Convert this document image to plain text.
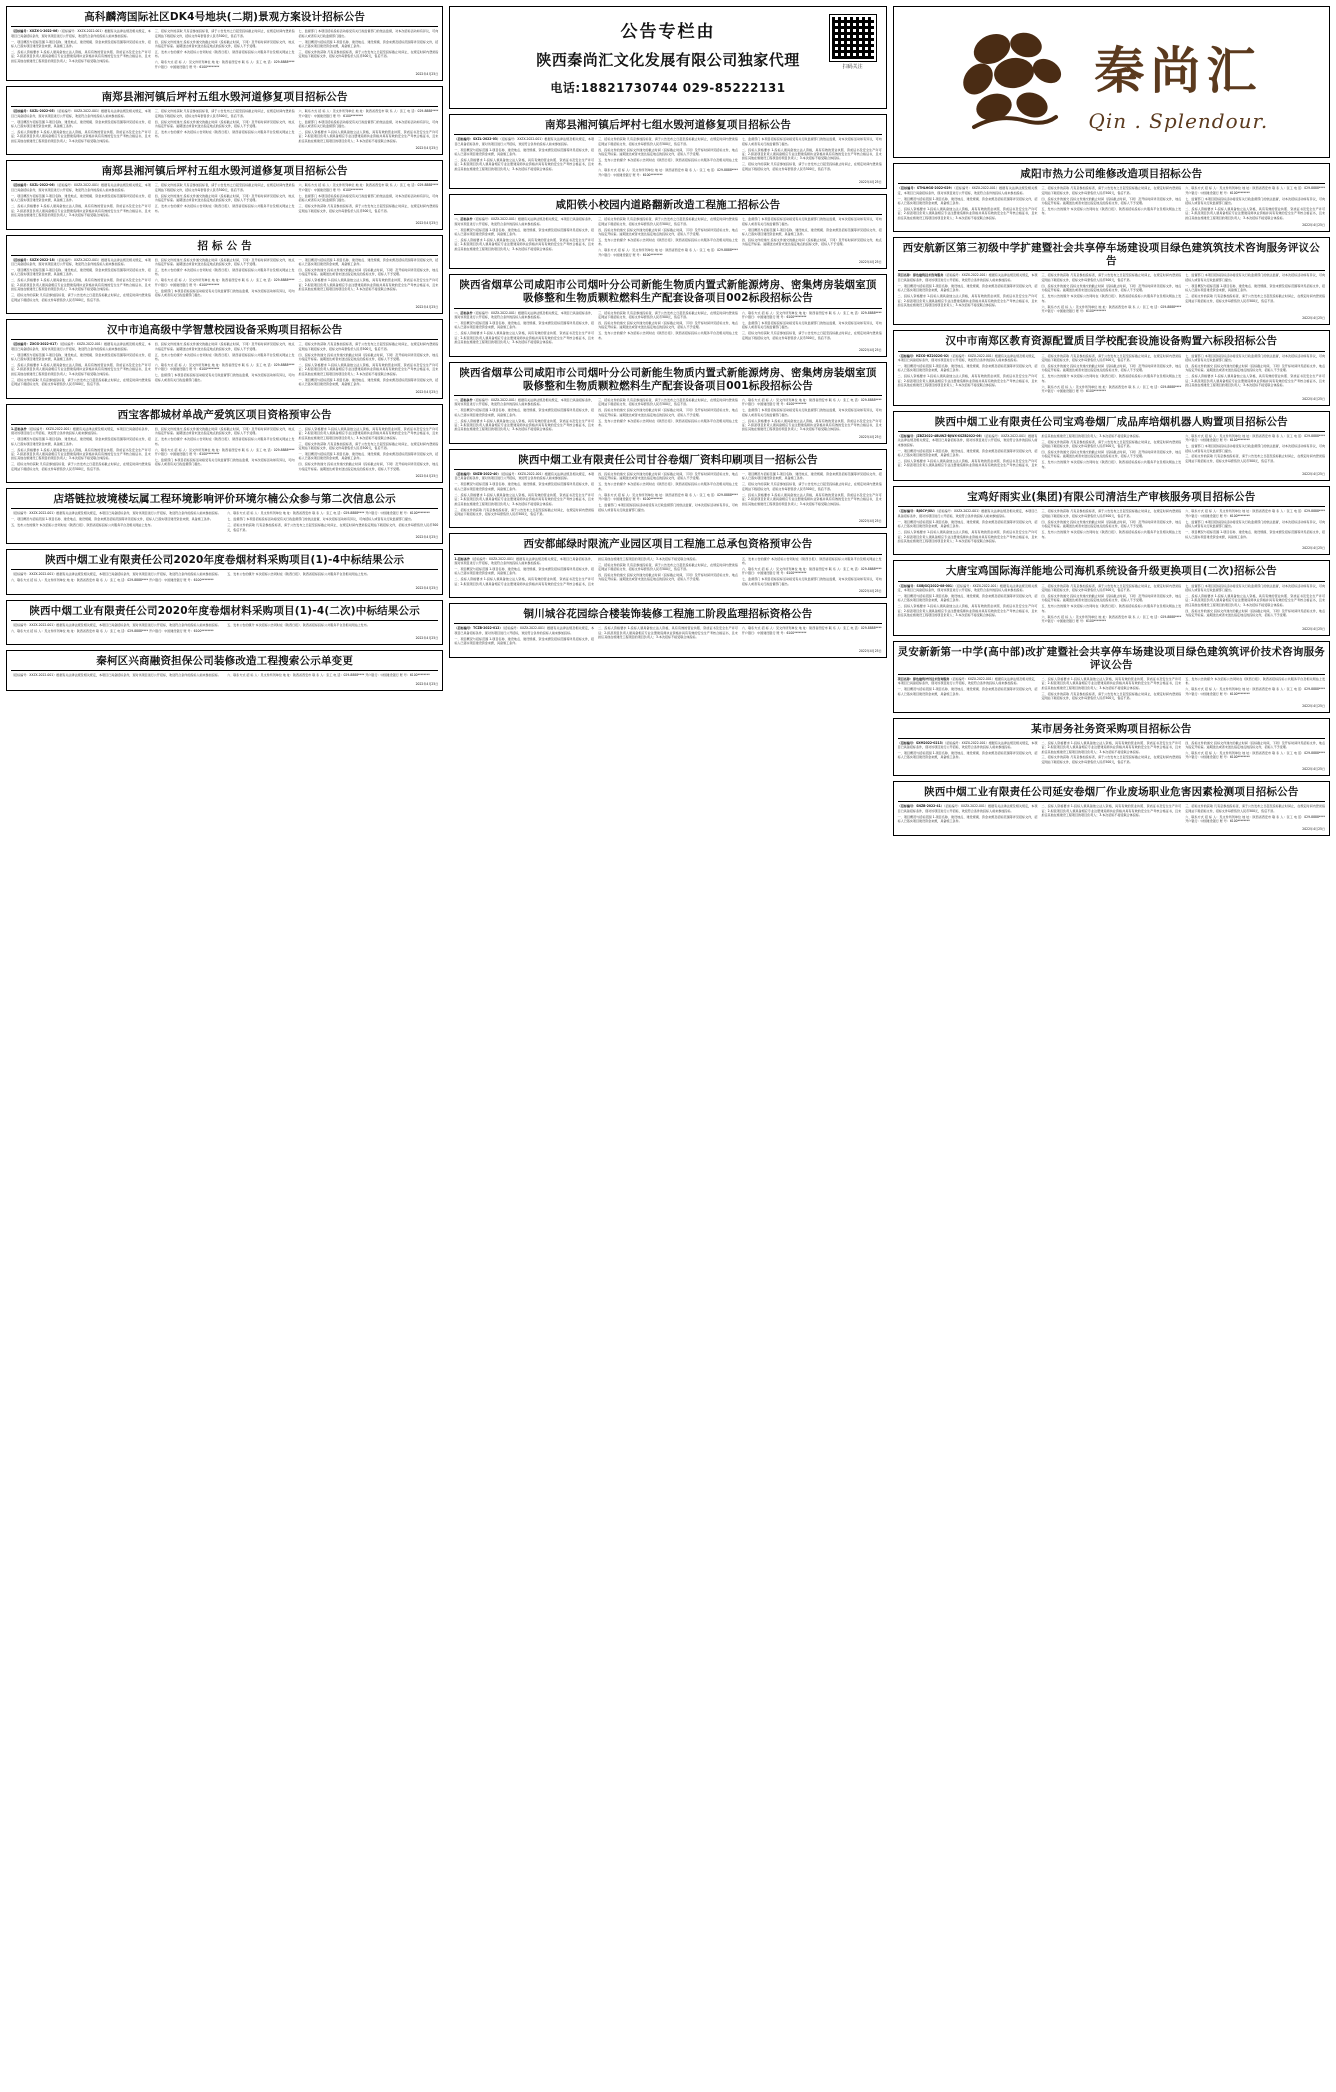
高科麟湾国际社区DK4号地块(二期)景观方案设计招标公告

（招标编号：XXZX-1-2022-06）（招标编号：XXZX-2022-001）根据有关法律法规及相关规定，本项目已具备招标条件，现对该项目进行公开招标，欢迎符合条件的投标人前来参加投标。

一、项目概况与招标范围 1.项目名称、建设地点、建设规模、资金来源及招标范围等详见招标文件，招标人已落实项目建设资金来源，具备施工条件。

二、投标人资格要求 1.投标人须具备独立法人资格，具有有效的营业执照、资质证书及安全生产许可证；2.拟派项目负责人须具备相应专业注册建造师执业资格并具有有效的安全生产考核合格证书，且未担任其他在施建设工程项目的项目负责人；3.本次招标不接受联合体投标。

三、招标文件的获取 凡有意参加投标者，请于公告发布之日起至投标截止时间止，在规定时间内登录指定网站下载招标文件，招标文件每套售价人民币500元，售后不退。

四、投标文件的递交 投标文件递交的截止时间（投标截止时间，下同）及开标时间详见招标文件，地点为指定开标室。逾期送达或者未送达指定地点的投标文件，招标人不予受理。

五、发布公告的媒介 本次招标公告同时在《陕西日报》、陕西省招标投标公共服务平台及相关网站上发布。

六、联系方式 招 标 人：见文件所列单位 地 址：陕西省西安市 联 系 人：张工 电 话：029-8888**** 开户银行：中国建设银行 账 号：6100********

七、监督部门 本项目招标投标活动接受有关行政监督部门的依法监督，对本次招标活动如有异议，可向招标人或者有关行政监督部门提出。

一、项目概况与招标范围 1.项目名称、建设地点、建设规模、资金来源及招标范围等详见招标文件，招标人已落实项目建设资金来源，具备施工条件。

三、招标文件的获取 凡有意参加投标者，请于公告发布之日起至投标截止时间止，在规定时间内登录指定网站下载招标文件，招标文件每套售价人民币500元，售后不退。

2022年4月25日
南郑县湘河镇后坪村五组水毁河道修复项目招标公告

（招标编号：SXZL-2022-05）（招标编号：XXZX-2022-001）根据有关法律法规及相关规定，本项目已具备招标条件，现对该项目进行公开招标，欢迎符合条件的投标人前来参加投标。

一、项目概况与招标范围 1.项目名称、建设地点、建设规模、资金来源及招标范围等详见招标文件，招标人已落实项目建设资金来源，具备施工条件。

二、投标人资格要求 1.投标人须具备独立法人资格，具有有效的营业执照、资质证书及安全生产许可证；2.拟派项目负责人须具备相应专业注册建造师执业资格并具有有效的安全生产考核合格证书，且未担任其他在施建设工程项目的项目负责人；3.本次招标不接受联合体投标。

三、招标文件的获取 凡有意参加投标者，请于公告发布之日起至投标截止时间止，在规定时间内登录指定网站下载招标文件，招标文件每套售价人民币500元，售后不退。

四、投标文件的递交 投标文件递交的截止时间（投标截止时间，下同）及开标时间详见招标文件，地点为指定开标室。逾期送达或者未送达指定地点的投标文件，招标人不予受理。

五、发布公告的媒介 本次招标公告同时在《陕西日报》、陕西省招标投标公共服务平台及相关网站上发布。

六、联系方式 招 标 人：见文件所列单位 地 址：陕西省西安市 联 系 人：张工 电 话：029-8888**** 开户银行：中国建设银行 账 号：6100********

七、监督部门 本项目招标投标活动接受有关行政监督部门的依法监督，对本次招标活动如有异议，可向招标人或者有关行政监督部门提出。

二、投标人资格要求 1.投标人须具备独立法人资格，具有有效的营业执照、资质证书及安全生产许可证；2.拟派项目负责人须具备相应专业注册建造师执业资格并具有有效的安全生产考核合格证书，且未担任其他在施建设工程项目的项目负责人；3.本次招标不接受联合体投标。

2022年4月25日
南郑县湘河镇后坪村五组水毁河道修复项目招标公告

（招标编号：SXZL-2022-06）（招标编号：XXZX-2022-001）根据有关法律法规及相关规定，本项目已具备招标条件，现对该项目进行公开招标，欢迎符合条件的投标人前来参加投标。

一、项目概况与招标范围 1.项目名称、建设地点、建设规模、资金来源及招标范围等详见招标文件，招标人已落实项目建设资金来源，具备施工条件。

二、投标人资格要求 1.投标人须具备独立法人资格，具有有效的营业执照、资质证书及安全生产许可证；2.拟派项目负责人须具备相应专业注册建造师执业资格并具有有效的安全生产考核合格证书，且未担任其他在施建设工程项目的项目负责人；3.本次招标不接受联合体投标。

三、招标文件的获取 凡有意参加投标者，请于公告发布之日起至投标截止时间止，在规定时间内登录指定网站下载招标文件，招标文件每套售价人民币500元，售后不退。

四、投标文件的递交 投标文件递交的截止时间（投标截止时间，下同）及开标时间详见招标文件，地点为指定开标室。逾期送达或者未送达指定地点的投标文件，招标人不予受理。

五、发布公告的媒介 本次招标公告同时在《陕西日报》、陕西省招标投标公共服务平台及相关网站上发布。

六、联系方式 招 标 人：见文件所列单位 地 址：陕西省西安市 联 系 人：张工 电 话：029-8888**** 开户银行：中国建设银行 账 号：6100********

七、监督部门 本项目招标投标活动接受有关行政监督部门的依法监督，对本次招标活动如有异议，可向招标人或者有关行政监督部门提出。

三、招标文件的获取 凡有意参加投标者，请于公告发布之日起至投标截止时间止，在规定时间内登录指定网站下载招标文件，招标文件每套售价人民币500元，售后不退。

2022年4月25日
招 标 公 告

（招标编号：SXZX-2022-18）（招标编号：XXZX-2022-001）根据有关法律法规及相关规定，本项目已具备招标条件，现对该项目进行公开招标，欢迎符合条件的投标人前来参加投标。

一、项目概况与招标范围 1.项目名称、建设地点、建设规模、资金来源及招标范围等详见招标文件，招标人已落实项目建设资金来源，具备施工条件。

二、投标人资格要求 1.投标人须具备独立法人资格，具有有效的营业执照、资质证书及安全生产许可证；2.拟派项目负责人须具备相应专业注册建造师执业资格并具有有效的安全生产考核合格证书，且未担任其他在施建设工程项目的项目负责人；3.本次招标不接受联合体投标。

三、招标文件的获取 凡有意参加投标者，请于公告发布之日起至投标截止时间止，在规定时间内登录指定网站下载招标文件，招标文件每套售价人民币500元，售后不退。

四、投标文件的递交 投标文件递交的截止时间（投标截止时间，下同）及开标时间详见招标文件，地点为指定开标室。逾期送达或者未送达指定地点的投标文件，招标人不予受理。

五、发布公告的媒介 本次招标公告同时在《陕西日报》、陕西省招标投标公共服务平台及相关网站上发布。

六、联系方式 招 标 人：见文件所列单位 地 址：陕西省西安市 联 系 人：张工 电 话：029-8888**** 开户银行：中国建设银行 账 号：6100********

七、监督部门 本项目招标投标活动接受有关行政监督部门的依法监督，对本次招标活动如有异议，可向招标人或者有关行政监督部门提出。

一、项目概况与招标范围 1.项目名称、建设地点、建设规模、资金来源及招标范围等详见招标文件，招标人已落实项目建设资金来源，具备施工条件。

四、投标文件的递交 投标文件递交的截止时间（投标截止时间，下同）及开标时间详见招标文件，地点为指定开标室。逾期送达或者未送达指定地点的投标文件，招标人不予受理。

二、投标人资格要求 1.投标人须具备独立法人资格，具有有效的营业执照、资质证书及安全生产许可证；2.拟派项目负责人须具备相应专业注册建造师执业资格并具有有效的安全生产考核合格证书，且未担任其他在施建设工程项目的项目负责人；3.本次招标不接受联合体投标。

2022年4月25日
汉中市追高级中学智慧校园设备采购项目招标公告

（招标编号：ZXCG-2022-017）（招标编号：XXZX-2022-001）根据有关法律法规及相关规定，本项目已具备招标条件，现对该项目进行公开招标，欢迎符合条件的投标人前来参加投标。

一、项目概况与招标范围 1.项目名称、建设地点、建设规模、资金来源及招标范围等详见招标文件，招标人已落实项目建设资金来源，具备施工条件。

二、投标人资格要求 1.投标人须具备独立法人资格，具有有效的营业执照、资质证书及安全生产许可证；2.拟派项目负责人须具备相应专业注册建造师执业资格并具有有效的安全生产考核合格证书，且未担任其他在施建设工程项目的项目负责人；3.本次招标不接受联合体投标。

三、招标文件的获取 凡有意参加投标者，请于公告发布之日起至投标截止时间止，在规定时间内登录指定网站下载招标文件，招标文件每套售价人民币500元，售后不退。

四、投标文件的递交 投标文件递交的截止时间（投标截止时间，下同）及开标时间详见招标文件，地点为指定开标室。逾期送达或者未送达指定地点的投标文件，招标人不予受理。

五、发布公告的媒介 本次招标公告同时在《陕西日报》、陕西省招标投标公共服务平台及相关网站上发布。

六、联系方式 招 标 人：见文件所列单位 地 址：陕西省西安市 联 系 人：张工 电 话：029-8888**** 开户银行：中国建设银行 账 号：6100********

七、监督部门 本项目招标投标活动接受有关行政监督部门的依法监督，对本次招标活动如有异议，可向招标人或者有关行政监督部门提出。

三、招标文件的获取 凡有意参加投标者，请于公告发布之日起至投标截止时间止，在规定时间内登录指定网站下载招标文件，招标文件每套售价人民币500元，售后不退。

四、投标文件的递交 投标文件递交的截止时间（投标截止时间，下同）及开标时间详见招标文件，地点为指定开标室。逾期送达或者未送达指定地点的投标文件，招标人不予受理。

二、投标人资格要求 1.投标人须具备独立法人资格，具有有效的营业执照、资质证书及安全生产许可证；2.拟派项目负责人须具备相应专业注册建造师执业资格并具有有效的安全生产考核合格证书，且未担任其他在施建设工程项目的项目负责人；3.本次招标不接受联合体投标。

一、项目概况与招标范围 1.项目名称、建设地点、建设规模、资金来源及招标范围等详见招标文件，招标人已落实项目建设资金来源，具备施工条件。

2022年4月25日
西宝客都城材单战产爱筑区项目资格预审公告

1.招标条件（招标编号：XXZX-2022-001）根据有关法律法规及相关规定，本项目已具备招标条件，现对该项目进行公开招标，欢迎符合条件的投标人前来参加投标。

一、项目概况与招标范围 1.项目名称、建设地点、建设规模、资金来源及招标范围等详见招标文件，招标人已落实项目建设资金来源，具备施工条件。

二、投标人资格要求 1.投标人须具备独立法人资格，具有有效的营业执照、资质证书及安全生产许可证；2.拟派项目负责人须具备相应专业注册建造师执业资格并具有有效的安全生产考核合格证书，且未担任其他在施建设工程项目的项目负责人；3.本次招标不接受联合体投标。

三、招标文件的获取 凡有意参加投标者，请于公告发布之日起至投标截止时间止，在规定时间内登录指定网站下载招标文件，招标文件每套售价人民币500元，售后不退。

四、投标文件的递交 投标文件递交的截止时间（投标截止时间，下同）及开标时间详见招标文件，地点为指定开标室。逾期送达或者未送达指定地点的投标文件，招标人不予受理。

五、发布公告的媒介 本次招标公告同时在《陕西日报》、陕西省招标投标公共服务平台及相关网站上发布。

六、联系方式 招 标 人：见文件所列单位 地 址：陕西省西安市 联 系 人：张工 电 话：029-8888**** 开户银行：中国建设银行 账 号：6100********

七、监督部门 本项目招标投标活动接受有关行政监督部门的依法监督，对本次招标活动如有异议，可向招标人或者有关行政监督部门提出。

二、投标人资格要求 1.投标人须具备独立法人资格，具有有效的营业执照、资质证书及安全生产许可证；2.拟派项目负责人须具备相应专业注册建造师执业资格并具有有效的安全生产考核合格证书，且未担任其他在施建设工程项目的项目负责人；3.本次招标不接受联合体投标。

三、招标文件的获取 凡有意参加投标者，请于公告发布之日起至投标截止时间止，在规定时间内登录指定网站下载招标文件，招标文件每套售价人民币500元，售后不退。

一、项目概况与招标范围 1.项目名称、建设地点、建设规模、资金来源及招标范围等详见招标文件，招标人已落实项目建设资金来源，具备施工条件。

四、投标文件的递交 投标文件递交的截止时间（投标截止时间，下同）及开标时间详见招标文件，地点为指定开标室。逾期送达或者未送达指定地点的投标文件，招标人不予受理。

2022年4月25日
店塔链拉坡境楼坛属工程环境影响评价环境尔楠公众参与第二次信息公示

（招标编号：XXZX-2022-001）根据有关法律法规及相关规定，本项目已具备招标条件，现对该项目进行公开招标，欢迎符合条件的投标人前来参加投标。

一、项目概况与招标范围 1.项目名称、建设地点、建设规模、资金来源及招标范围等详见招标文件，招标人已落实项目建设资金来源，具备施工条件。

五、发布公告的媒介 本次招标公告同时在《陕西日报》、陕西省招标投标公共服务平台及相关网站上发布。

六、联系方式 招 标 人：见文件所列单位 地 址：陕西省西安市 联 系 人：张工 电 话：029-8888**** 开户银行：中国建设银行 账 号：6100********

七、监督部门 本项目招标投标活动接受有关行政监督部门的依法监督，对本次招标活动如有异议，可向招标人或者有关行政监督部门提出。

三、招标文件的获取 凡有意参加投标者，请于公告发布之日起至投标截止时间止，在规定时间内登录指定网站下载招标文件，招标文件每套售价人民币500元，售后不退。

2022年4月25日
陕西中烟工业有限责任公司2020年度卷烟材料采购项目(1)-4中标结果公示

（招标编号：XXZX-2022-001）根据有关法律法规及相关规定，本项目已具备招标条件，现对该项目进行公开招标，欢迎符合条件的投标人前来参加投标。

六、联系方式 招 标 人：见文件所列单位 地 址：陕西省西安市 联 系 人：张工 电 话：029-8888**** 开户银行：中国建设银行 账 号：6100********

五、发布公告的媒介 本次招标公告同时在《陕西日报》、陕西省招标投标公共服务平台及相关网站上发布。

2022年4月25日
陕西中烟工业有限责任公司2020年度卷烟材料采购项目(1)-4(二次)中标结果公示

（招标编号：XXZX-2022-001）根据有关法律法规及相关规定，本项目已具备招标条件，现对该项目进行公开招标，欢迎符合条件的投标人前来参加投标。

六、联系方式 招 标 人：见文件所列单位 地 址：陕西省西安市 联 系 人：张工 电 话：029-8888**** 开户银行：中国建设银行 账 号：6100********

五、发布公告的媒介 本次招标公告同时在《陕西日报》、陕西省招标投标公共服务平台及相关网站上发布。

2022年4月25日
秦柯区兴商融资担保公司装修改造工程搜索公示单变更

（招标编号：XXZX-2022-001）根据有关法律法规及相关规定，本项目已具备招标条件，现对该项目进行公开招标，欢迎符合条件的投标人前来参加投标。	六、联系方式 招 标 人：见文件所列单位 地 址：陕西省西安市 联 系 人：张工 电 话：029-8888**** 开户银行：中国建设银行 账 号：6100********

2022年4月25日
扫码关注
公告专栏由
陕西秦尚汇文化发展有限公司独家代理
电话:18821730744 029-85222131
南郑县湘河镇后坪村七组水毁河道修复项目招标公告

（招标编号：SXZL-2022-03）（招标编号：XXZX-2022-001）根据有关法律法规及相关规定，本项目已具备招标条件，现对该项目进行公开招标，欢迎符合条件的投标人前来参加投标。

一、项目概况与招标范围 1.项目名称、建设地点、建设规模、资金来源及招标范围等详见招标文件，招标人已落实项目建设资金来源，具备施工条件。

二、投标人资格要求 1.投标人须具备独立法人资格，具有有效的营业执照、资质证书及安全生产许可证；2.拟派项目负责人须具备相应专业注册建造师执业资格并具有有效的安全生产考核合格证书，且未担任其他在施建设工程项目的项目负责人；3.本次招标不接受联合体投标。

三、招标文件的获取 凡有意参加投标者，请于公告发布之日起至投标截止时间止，在规定时间内登录指定网站下载招标文件，招标文件每套售价人民币500元，售后不退。

四、投标文件的递交 投标文件递交的截止时间（投标截止时间，下同）及开标时间详见招标文件，地点为指定开标室。逾期送达或者未送达指定地点的投标文件，招标人不予受理。

五、发布公告的媒介 本次招标公告同时在《陕西日报》、陕西省招标投标公共服务平台及相关网站上发布。

六、联系方式 招 标 人：见文件所列单位 地 址：陕西省西安市 联 系 人：张工 电 话：029-8888**** 开户银行：中国建设银行 账 号：6100********

七、监督部门 本项目招标投标活动接受有关行政监督部门的依法监督，对本次招标活动如有异议，可向招标人或者有关行政监督部门提出。

二、投标人资格要求 1.投标人须具备独立法人资格，具有有效的营业执照、资质证书及安全生产许可证；2.拟派项目负责人须具备相应专业注册建造师执业资格并具有有效的安全生产考核合格证书，且未担任其他在施建设工程项目的项目负责人；3.本次招标不接受联合体投标。

三、招标文件的获取 凡有意参加投标者，请于公告发布之日起至投标截止时间止，在规定时间内登录指定网站下载招标文件，招标文件每套售价人民币500元，售后不退。

2022年4月25日
咸阳铁小校园内道路翻新改造工程施工招标公告

一、招标条件（招标编号：XXZX-2022-001）根据有关法律法规及相关规定，本项目已具备招标条件，现对该项目进行公开招标，欢迎符合条件的投标人前来参加投标。

一、项目概况与招标范围 1.项目名称、建设地点、建设规模、资金来源及招标范围等详见招标文件，招标人已落实项目建设资金来源，具备施工条件。

二、投标人资格要求 1.投标人须具备独立法人资格，具有有效的营业执照、资质证书及安全生产许可证；2.拟派项目负责人须具备相应专业注册建造师执业资格并具有有效的安全生产考核合格证书，且未担任其他在施建设工程项目的项目负责人；3.本次招标不接受联合体投标。

三、招标文件的获取 凡有意参加投标者，请于公告发布之日起至投标截止时间止，在规定时间内登录指定网站下载招标文件，招标文件每套售价人民币500元，售后不退。

四、投标文件的递交 投标文件递交的截止时间（投标截止时间，下同）及开标时间详见招标文件，地点为指定开标室。逾期送达或者未送达指定地点的投标文件，招标人不予受理。

五、发布公告的媒介 本次招标公告同时在《陕西日报》、陕西省招标投标公共服务平台及相关网站上发布。

六、联系方式 招 标 人：见文件所列单位 地 址：陕西省西安市 联 系 人：张工 电 话：029-8888**** 开户银行：中国建设银行 账 号：6100********

七、监督部门 本项目招标投标活动接受有关行政监督部门的依法监督，对本次招标活动如有异议，可向招标人或者有关行政监督部门提出。

一、项目概况与招标范围 1.项目名称、建设地点、建设规模、资金来源及招标范围等详见招标文件，招标人已落实项目建设资金来源，具备施工条件。

四、投标文件的递交 投标文件递交的截止时间（投标截止时间，下同）及开标时间详见招标文件，地点为指定开标室。逾期送达或者未送达指定地点的投标文件，招标人不予受理。

2022年4月25日
陕西省烟草公司咸阳市公司烟叶分公司新能生物质内置式新能源烤房、密集烤房装烟室顶吸修整和生物质颗粒燃料生产配套设备项目002标段招标公告

一、招标条件（招标编号：XXZX-2022-001）根据有关法律法规及相关规定，本项目已具备招标条件，现对该项目进行公开招标，欢迎符合条件的投标人前来参加投标。

一、项目概况与招标范围 1.项目名称、建设地点、建设规模、资金来源及招标范围等详见招标文件，招标人已落实项目建设资金来源，具备施工条件。

二、投标人资格要求 1.投标人须具备独立法人资格，具有有效的营业执照、资质证书及安全生产许可证；2.拟派项目负责人须具备相应专业注册建造师执业资格并具有有效的安全生产考核合格证书，且未担任其他在施建设工程项目的项目负责人；3.本次招标不接受联合体投标。

三、招标文件的获取 凡有意参加投标者，请于公告发布之日起至投标截止时间止，在规定时间内登录指定网站下载招标文件，招标文件每套售价人民币500元，售后不退。

四、投标文件的递交 投标文件递交的截止时间（投标截止时间，下同）及开标时间详见招标文件，地点为指定开标室。逾期送达或者未送达指定地点的投标文件，招标人不予受理。

五、发布公告的媒介 本次招标公告同时在《陕西日报》、陕西省招标投标公共服务平台及相关网站上发布。

六、联系方式 招 标 人：见文件所列单位 地 址：陕西省西安市 联 系 人：张工 电 话：029-8888**** 开户银行：中国建设银行 账 号：6100********

七、监督部门 本项目招标投标活动接受有关行政监督部门的依法监督，对本次招标活动如有异议，可向招标人或者有关行政监督部门提出。

三、招标文件的获取 凡有意参加投标者，请于公告发布之日起至投标截止时间止，在规定时间内登录指定网站下载招标文件，招标文件每套售价人民币500元，售后不退。

2022年4月25日
陕西省烟草公司咸阳市公司烟叶分公司新能生物质内置式新能源烤房、密集烤房装烟室顶吸修整和生物质颗粒燃料生产配套设备项目001标段招标公告

一、招标条件（招标编号：XXZX-2022-001）根据有关法律法规及相关规定，本项目已具备招标条件，现对该项目进行公开招标，欢迎符合条件的投标人前来参加投标。

一、项目概况与招标范围 1.项目名称、建设地点、建设规模、资金来源及招标范围等详见招标文件，招标人已落实项目建设资金来源，具备施工条件。

二、投标人资格要求 1.投标人须具备独立法人资格，具有有效的营业执照、资质证书及安全生产许可证；2.拟派项目负责人须具备相应专业注册建造师执业资格并具有有效的安全生产考核合格证书，且未担任其他在施建设工程项目的项目负责人；3.本次招标不接受联合体投标。

三、招标文件的获取 凡有意参加投标者，请于公告发布之日起至投标截止时间止，在规定时间内登录指定网站下载招标文件，招标文件每套售价人民币500元，售后不退。

四、投标文件的递交 投标文件递交的截止时间（投标截止时间，下同）及开标时间详见招标文件，地点为指定开标室。逾期送达或者未送达指定地点的投标文件，招标人不予受理。

五、发布公告的媒介 本次招标公告同时在《陕西日报》、陕西省招标投标公共服务平台及相关网站上发布。

六、联系方式 招 标 人：见文件所列单位 地 址：陕西省西安市 联 系 人：张工 电 话：029-8888**** 开户银行：中国建设银行 账 号：6100********

七、监督部门 本项目招标投标活动接受有关行政监督部门的依法监督，对本次招标活动如有异议，可向招标人或者有关行政监督部门提出。

二、投标人资格要求 1.投标人须具备独立法人资格，具有有效的营业执照、资质证书及安全生产许可证；2.拟派项目负责人须具备相应专业注册建造师执业资格并具有有效的安全生产考核合格证书，且未担任其他在施建设工程项目的项目负责人；3.本次招标不接受联合体投标。

2022年4月25日
陕西中烟工业有限责任公司甘谷卷烟厂资料印刷项目一招标公告

（招标编号：SNZB-2022-40）（招标编号：XXZX-2022-001）根据有关法律法规及相关规定，本项目已具备招标条件，现对该项目进行公开招标，欢迎符合条件的投标人前来参加投标。

一、项目概况与招标范围 1.项目名称、建设地点、建设规模、资金来源及招标范围等详见招标文件，招标人已落实项目建设资金来源，具备施工条件。

二、投标人资格要求 1.投标人须具备独立法人资格，具有有效的营业执照、资质证书及安全生产许可证；2.拟派项目负责人须具备相应专业注册建造师执业资格并具有有效的安全生产考核合格证书，且未担任其他在施建设工程项目的项目负责人；3.本次招标不接受联合体投标。

三、招标文件的获取 凡有意参加投标者，请于公告发布之日起至投标截止时间止，在规定时间内登录指定网站下载招标文件，招标文件每套售价人民币500元，售后不退。

四、投标文件的递交 投标文件递交的截止时间（投标截止时间，下同）及开标时间详见招标文件，地点为指定开标室。逾期送达或者未送达指定地点的投标文件，招标人不予受理。

五、发布公告的媒介 本次招标公告同时在《陕西日报》、陕西省招标投标公共服务平台及相关网站上发布。

六、联系方式 招 标 人：见文件所列单位 地 址：陕西省西安市 联 系 人：张工 电 话：029-8888**** 开户银行：中国建设银行 账 号：6100********

七、监督部门 本项目招标投标活动接受有关行政监督部门的依法监督，对本次招标活动如有异议，可向招标人或者有关行政监督部门提出。

一、项目概况与招标范围 1.项目名称、建设地点、建设规模、资金来源及招标范围等详见招标文件，招标人已落实项目建设资金来源，具备施工条件。

三、招标文件的获取 凡有意参加投标者，请于公告发布之日起至投标截止时间止，在规定时间内登录指定网站下载招标文件，招标文件每套售价人民币500元，售后不退。

二、投标人资格要求 1.投标人须具备独立法人资格，具有有效的营业执照、资质证书及安全生产许可证；2.拟派项目负责人须具备相应专业注册建造师执业资格并具有有效的安全生产考核合格证书，且未担任其他在施建设工程项目的项目负责人；3.本次招标不接受联合体投标。

2022年4月25日
西安都邮绿时限流产业园区项目工程施工总承包资格预审公告

1.招标条件（招标编号：XXZX-2022-001）根据有关法律法规及相关规定，本项目已具备招标条件，现对该项目进行公开招标，欢迎符合条件的投标人前来参加投标。

一、项目概况与招标范围 1.项目名称、建设地点、建设规模、资金来源及招标范围等详见招标文件，招标人已落实项目建设资金来源，具备施工条件。

二、投标人资格要求 1.投标人须具备独立法人资格，具有有效的营业执照、资质证书及安全生产许可证；2.拟派项目负责人须具备相应专业注册建造师执业资格并具有有效的安全生产考核合格证书，且未担任其他在施建设工程项目的项目负责人；3.本次招标不接受联合体投标。

三、招标文件的获取 凡有意参加投标者，请于公告发布之日起至投标截止时间止，在规定时间内登录指定网站下载招标文件，招标文件每套售价人民币500元，售后不退。

四、投标文件的递交 投标文件递交的截止时间（投标截止时间，下同）及开标时间详见招标文件，地点为指定开标室。逾期送达或者未送达指定地点的投标文件，招标人不予受理。

五、发布公告的媒介 本次招标公告同时在《陕西日报》、陕西省招标投标公共服务平台及相关网站上发布。

六、联系方式 招 标 人：见文件所列单位 地 址：陕西省西安市 联 系 人：张工 电 话：029-8888**** 开户银行：中国建设银行 账 号：6100********

七、监督部门 本项目招标投标活动接受有关行政监督部门的依法监督，对本次招标活动如有异议，可向招标人或者有关行政监督部门提出。

2022年4月25日
铜川城谷花园综合楼装饰装修工程施工阶段监理招标资格公告

（招标编号：TCZB-2022-012）（招标编号：XXZX-2022-001）根据有关法律法规及相关规定，本项目已具备招标条件，现对该项目进行公开招标，欢迎符合条件的投标人前来参加投标。

一、项目概况与招标范围 1.项目名称、建设地点、建设规模、资金来源及招标范围等详见招标文件，招标人已落实项目建设资金来源，具备施工条件。

二、投标人资格要求 1.投标人须具备独立法人资格，具有有效的营业执照、资质证书及安全生产许可证；2.拟派项目负责人须具备相应专业注册建造师执业资格并具有有效的安全生产考核合格证书，且未担任其他在施建设工程项目的项目负责人；3.本次招标不接受联合体投标。

六、联系方式 招 标 人：见文件所列单位 地 址：陕西省西安市 联 系 人：张工 电 话：029-8888**** 开户银行：中国建设银行 账 号：6100********

2022年4月25日
秦尚汇
Qin . Splendour.
咸阳市热力公司维修改造项目招标公告

（招标编号：STHLHGG-2022-029）（招标编号：XXZX-2022-001）根据有关法律法规及相关规定，本项目已具备招标条件，现对该项目进行公开招标，欢迎符合条件的投标人前来参加投标。

一、项目概况与招标范围 1.项目名称、建设地点、建设规模、资金来源及招标范围等详见招标文件，招标人已落实项目建设资金来源，具备施工条件。

二、投标人资格要求 1.投标人须具备独立法人资格，具有有效的营业执照、资质证书及安全生产许可证；2.拟派项目负责人须具备相应专业注册建造师执业资格并具有有效的安全生产考核合格证书，且未担任其他在施建设工程项目的项目负责人；3.本次招标不接受联合体投标。

三、招标文件的获取 凡有意参加投标者，请于公告发布之日起至投标截止时间止，在规定时间内登录指定网站下载招标文件，招标文件每套售价人民币500元，售后不退。

四、投标文件的递交 投标文件递交的截止时间（投标截止时间，下同）及开标时间详见招标文件，地点为指定开标室。逾期送达或者未送达指定地点的投标文件，招标人不予受理。

五、发布公告的媒介 本次招标公告同时在《陕西日报》、陕西省招标投标公共服务平台及相关网站上发布。

六、联系方式 招 标 人：见文件所列单位 地 址：陕西省西安市 联 系 人：张工 电 话：029-8888**** 开户银行：中国建设银行 账 号：6100********

七、监督部门 本项目招标投标活动接受有关行政监督部门的依法监督，对本次招标活动如有异议，可向招标人或者有关行政监督部门提出。

二、投标人资格要求 1.投标人须具备独立法人资格，具有有效的营业执照、资质证书及安全生产许可证；2.拟派项目负责人须具备相应专业注册建造师执业资格并具有有效的安全生产考核合格证书，且未担任其他在施建设工程项目的项目负责人；3.本次招标不接受联合体投标。

2022年4月25日
西安航新区第三初级中学扩建暨社会共享停车场建设项目绿色建筑筑技术咨询服务评议公告

项目名称：绿色建筑技术咨询服务（招标编号：XXZX-2022-001）根据有关法律法规及相关规定，本项目已具备招标条件，现对该项目进行公开招标，欢迎符合条件的投标人前来参加投标。

一、项目概况与招标范围 1.项目名称、建设地点、建设规模、资金来源及招标范围等详见招标文件，招标人已落实项目建设资金来源，具备施工条件。

二、投标人资格要求 1.投标人须具备独立法人资格，具有有效的营业执照、资质证书及安全生产许可证；2.拟派项目负责人须具备相应专业注册建造师执业资格并具有有效的安全生产考核合格证书，且未担任其他在施建设工程项目的项目负责人；3.本次招标不接受联合体投标。

三、招标文件的获取 凡有意参加投标者，请于公告发布之日起至投标截止时间止，在规定时间内登录指定网站下载招标文件，招标文件每套售价人民币500元，售后不退。

四、投标文件的递交 投标文件递交的截止时间（投标截止时间，下同）及开标时间详见招标文件，地点为指定开标室。逾期送达或者未送达指定地点的投标文件，招标人不予受理。

五、发布公告的媒介 本次招标公告同时在《陕西日报》、陕西省招标投标公共服务平台及相关网站上发布。

六、联系方式 招 标 人：见文件所列单位 地 址：陕西省西安市 联 系 人：张工 电 话：029-8888**** 开户银行：中国建设银行 账 号：6100********

七、监督部门 本项目招标投标活动接受有关行政监督部门的依法监督，对本次招标活动如有异议，可向招标人或者有关行政监督部门提出。

一、项目概况与招标范围 1.项目名称、建设地点、建设规模、资金来源及招标范围等详见招标文件，招标人已落实项目建设资金来源，具备施工条件。

三、招标文件的获取 凡有意参加投标者，请于公告发布之日起至投标截止时间止，在规定时间内登录指定网站下载招标文件，招标文件每套售价人民币500元，售后不退。

2022年4月25日
汉中市南郑区教育资源配置质目学校配套设施设备购置六标段招标公告

（招标编号：HZCG-HZ2022G-02）（招标编号：XXZX-2022-001）根据有关法律法规及相关规定，本项目已具备招标条件，现对该项目进行公开招标，欢迎符合条件的投标人前来参加投标。

一、项目概况与招标范围 1.项目名称、建设地点、建设规模、资金来源及招标范围等详见招标文件，招标人已落实项目建设资金来源，具备施工条件。

二、投标人资格要求 1.投标人须具备独立法人资格，具有有效的营业执照、资质证书及安全生产许可证；2.拟派项目负责人须具备相应专业注册建造师执业资格并具有有效的安全生产考核合格证书，且未担任其他在施建设工程项目的项目负责人；3.本次招标不接受联合体投标。

三、招标文件的获取 凡有意参加投标者，请于公告发布之日起至投标截止时间止，在规定时间内登录指定网站下载招标文件，招标文件每套售价人民币500元，售后不退。

四、投标文件的递交 投标文件递交的截止时间（投标截止时间，下同）及开标时间详见招标文件，地点为指定开标室。逾期送达或者未送达指定地点的投标文件，招标人不予受理。

五、发布公告的媒介 本次招标公告同时在《陕西日报》、陕西省招标投标公共服务平台及相关网站上发布。

六、联系方式 招 标 人：见文件所列单位 地 址：陕西省西安市 联 系 人：张工 电 话：029-8888**** 开户银行：中国建设银行 账 号：6100********

七、监督部门 本项目招标投标活动接受有关行政监督部门的依法监督，对本次招标活动如有异议，可向招标人或者有关行政监督部门提出。

四、投标文件的递交 投标文件递交的截止时间（投标截止时间，下同）及开标时间详见招标文件，地点为指定开标室。逾期送达或者未送达指定地点的投标文件，招标人不予受理。

二、投标人资格要求 1.投标人须具备独立法人资格，具有有效的营业执照、资质证书及安全生产许可证；2.拟派项目负责人须具备相应专业注册建造师执业资格并具有有效的安全生产考核合格证书，且未担任其他在施建设工程项目的项目负责人；3.本次招标不接受联合体投标。

2022年4月25日
陕西中烟工业有限责任公司宝鸡卷烟厂成品库培烟机器人购置项目招标公告

（招标编号：JZBZ2022-4BUWZ-BJWX-XSZB2022-06）（招标编号：XXZX-2022-001）根据有关法律法规及相关规定，本项目已具备招标条件，现对该项目进行公开招标，欢迎符合条件的投标人前来参加投标。

一、项目概况与招标范围 1.项目名称、建设地点、建设规模、资金来源及招标范围等详见招标文件，招标人已落实项目建设资金来源，具备施工条件。

二、投标人资格要求 1.投标人须具备独立法人资格，具有有效的营业执照、资质证书及安全生产许可证；2.拟派项目负责人须具备相应专业注册建造师执业资格并具有有效的安全生产考核合格证书，且未担任其他在施建设工程项目的项目负责人；3.本次招标不接受联合体投标。

三、招标文件的获取 凡有意参加投标者，请于公告发布之日起至投标截止时间止，在规定时间内登录指定网站下载招标文件，招标文件每套售价人民币500元，售后不退。

四、投标文件的递交 投标文件递交的截止时间（投标截止时间，下同）及开标时间详见招标文件，地点为指定开标室。逾期送达或者未送达指定地点的投标文件，招标人不予受理。

五、发布公告的媒介 本次招标公告同时在《陕西日报》、陕西省招标投标公共服务平台及相关网站上发布。

六、联系方式 招 标 人：见文件所列单位 地 址：陕西省西安市 联 系 人：张工 电 话：029-8888**** 开户银行：中国建设银行 账 号：6100********

七、监督部门 本项目招标投标活动接受有关行政监督部门的依法监督，对本次招标活动如有异议，可向招标人或者有关行政监督部门提出。

三、招标文件的获取 凡有意参加投标者，请于公告发布之日起至投标截止时间止，在规定时间内登录指定网站下载招标文件，招标文件每套售价人民币500元，售后不退。

2022年4月25日
宝鸡好雨实业(集团)有限公司清洁生产审核服务项目招标公告

（招标编号：BJGCY-JXU）（招标编号：XXZX-2022-001）根据有关法律法规及相关规定，本项目已具备招标条件，现对该项目进行公开招标，欢迎符合条件的投标人前来参加投标。

一、项目概况与招标范围 1.项目名称、建设地点、建设规模、资金来源及招标范围等详见招标文件，招标人已落实项目建设资金来源，具备施工条件。

二、投标人资格要求 1.投标人须具备独立法人资格，具有有效的营业执照、资质证书及安全生产许可证；2.拟派项目负责人须具备相应专业注册建造师执业资格并具有有效的安全生产考核合格证书，且未担任其他在施建设工程项目的项目负责人；3.本次招标不接受联合体投标。

三、招标文件的获取 凡有意参加投标者，请于公告发布之日起至投标截止时间止，在规定时间内登录指定网站下载招标文件，招标文件每套售价人民币500元，售后不退。

四、投标文件的递交 投标文件递交的截止时间（投标截止时间，下同）及开标时间详见招标文件，地点为指定开标室。逾期送达或者未送达指定地点的投标文件，招标人不予受理。

五、发布公告的媒介 本次招标公告同时在《陕西日报》、陕西省招标投标公共服务平台及相关网站上发布。

六、联系方式 招 标 人：见文件所列单位 地 址：陕西省西安市 联 系 人：张工 电 话：029-8888**** 开户银行：中国建设银行 账 号：6100********

七、监督部门 本项目招标投标活动接受有关行政监督部门的依法监督，对本次招标活动如有异议，可向招标人或者有关行政监督部门提出。

一、项目概况与招标范围 1.项目名称、建设地点、建设规模、资金来源及招标范围等详见招标文件，招标人已落实项目建设资金来源，具备施工条件。

2022年4月25日
大唐宝鸡国际海洋能地公司海机系统设备升级更换项目(二次)招标公告

（招标编号：SXBJGCJ2022-08-001）（招标编号：XXZX-2022-001）根据有关法律法规及相关规定，本项目已具备招标条件，现对该项目进行公开招标，欢迎符合条件的投标人前来参加投标。

一、项目概况与招标范围 1.项目名称、建设地点、建设规模、资金来源及招标范围等详见招标文件，招标人已落实项目建设资金来源，具备施工条件。

二、投标人资格要求 1.投标人须具备独立法人资格，具有有效的营业执照、资质证书及安全生产许可证；2.拟派项目负责人须具备相应专业注册建造师执业资格并具有有效的安全生产考核合格证书，且未担任其他在施建设工程项目的项目负责人；3.本次招标不接受联合体投标。

三、招标文件的获取 凡有意参加投标者，请于公告发布之日起至投标截止时间止，在规定时间内登录指定网站下载招标文件，招标文件每套售价人民币500元，售后不退。

四、投标文件的递交 投标文件递交的截止时间（投标截止时间，下同）及开标时间详见招标文件，地点为指定开标室。逾期送达或者未送达指定地点的投标文件，招标人不予受理。

五、发布公告的媒介 本次招标公告同时在《陕西日报》、陕西省招标投标公共服务平台及相关网站上发布。

六、联系方式 招 标 人：见文件所列单位 地 址：陕西省西安市 联 系 人：张工 电 话：029-8888**** 开户银行：中国建设银行 账 号：6100********

七、监督部门 本项目招标投标活动接受有关行政监督部门的依法监督，对本次招标活动如有异议，可向招标人或者有关行政监督部门提出。

二、投标人资格要求 1.投标人须具备独立法人资格，具有有效的营业执照、资质证书及安全生产许可证；2.拟派项目负责人须具备相应专业注册建造师执业资格并具有有效的安全生产考核合格证书，且未担任其他在施建设工程项目的项目负责人；3.本次招标不接受联合体投标。

四、投标文件的递交 投标文件递交的截止时间（投标截止时间，下同）及开标时间详见招标文件，地点为指定开标室。逾期送达或者未送达指定地点的投标文件，招标人不予受理。

2022年4月25日
灵安新新第一中学(高中部)改扩建暨社会共享停车场建设项目绿色建筑筑评价技术咨询服务评议公告

项目名称：绿色建筑评价技术咨询服务（招标编号：XXZX-2022-001）根据有关法律法规及相关规定，本项目已具备招标条件，现对该项目进行公开招标，欢迎符合条件的投标人前来参加投标。

一、项目概况与招标范围 1.项目名称、建设地点、建设规模、资金来源及招标范围等详见招标文件，招标人已落实项目建设资金来源，具备施工条件。

二、投标人资格要求 1.投标人须具备独立法人资格，具有有效的营业执照、资质证书及安全生产许可证；2.拟派项目负责人须具备相应专业注册建造师执业资格并具有有效的安全生产考核合格证书，且未担任其他在施建设工程项目的项目负责人；3.本次招标不接受联合体投标。

三、招标文件的获取 凡有意参加投标者，请于公告发布之日起至投标截止时间止，在规定时间内登录指定网站下载招标文件，招标文件每套售价人民币500元，售后不退。

五、发布公告的媒介 本次招标公告同时在《陕西日报》、陕西省招标投标公共服务平台及相关网站上发布。

六、联系方式 招 标 人：见文件所列单位 地 址：陕西省西安市 联 系 人：张工 电 话：029-8888**** 开户银行：中国建设银行 账 号：6100********

2022年4月25日
某市居务社务资采购项目招标公告

（招标编号：SXM2022-0213）（招标编号：XXZX-2022-001）根据有关法律法规及相关规定，本项目已具备招标条件，现对该项目进行公开招标，欢迎符合条件的投标人前来参加投标。

一、项目概况与招标范围 1.项目名称、建设地点、建设规模、资金来源及招标范围等详见招标文件，招标人已落实项目建设资金来源，具备施工条件。

二、投标人资格要求 1.投标人须具备独立法人资格，具有有效的营业执照、资质证书及安全生产许可证；2.拟派项目负责人须具备相应专业注册建造师执业资格并具有有效的安全生产考核合格证书，且未担任其他在施建设工程项目的项目负责人；3.本次招标不接受联合体投标。

三、招标文件的获取 凡有意参加投标者，请于公告发布之日起至投标截止时间止，在规定时间内登录指定网站下载招标文件，招标文件每套售价人民币500元，售后不退。

四、投标文件的递交 投标文件递交的截止时间（投标截止时间，下同）及开标时间详见招标文件，地点为指定开标室。逾期送达或者未送达指定地点的投标文件，招标人不予受理。

六、联系方式 招 标 人：见文件所列单位 地 址：陕西省西安市 联 系 人：张工 电 话：029-8888**** 开户银行：中国建设银行 账 号：6100********

2022年4月25日
陕西中烟工业有限责任公司延安卷烟厂作业废场职业危害因素检测项目招标公告

（招标编号：SNZB-2022-41）（招标编号：XXZX-2022-001）根据有关法律法规及相关规定，本项目已具备招标条件，现对该项目进行公开招标，欢迎符合条件的投标人前来参加投标。

一、项目概况与招标范围 1.项目名称、建设地点、建设规模、资金来源及招标范围等详见招标文件，招标人已落实项目建设资金来源，具备施工条件。

二、投标人资格要求 1.投标人须具备独立法人资格，具有有效的营业执照、资质证书及安全生产许可证；2.拟派项目负责人须具备相应专业注册建造师执业资格并具有有效的安全生产考核合格证书，且未担任其他在施建设工程项目的项目负责人；3.本次招标不接受联合体投标。

三、招标文件的获取 凡有意参加投标者，请于公告发布之日起至投标截止时间止，在规定时间内登录指定网站下载招标文件，招标文件每套售价人民币500元，售后不退。

六、联系方式 招 标 人：见文件所列单位 地 址：陕西省西安市 联 系 人：张工 电 话：029-8888**** 开户银行：中国建设银行 账 号：6100********

2022年4月25日
